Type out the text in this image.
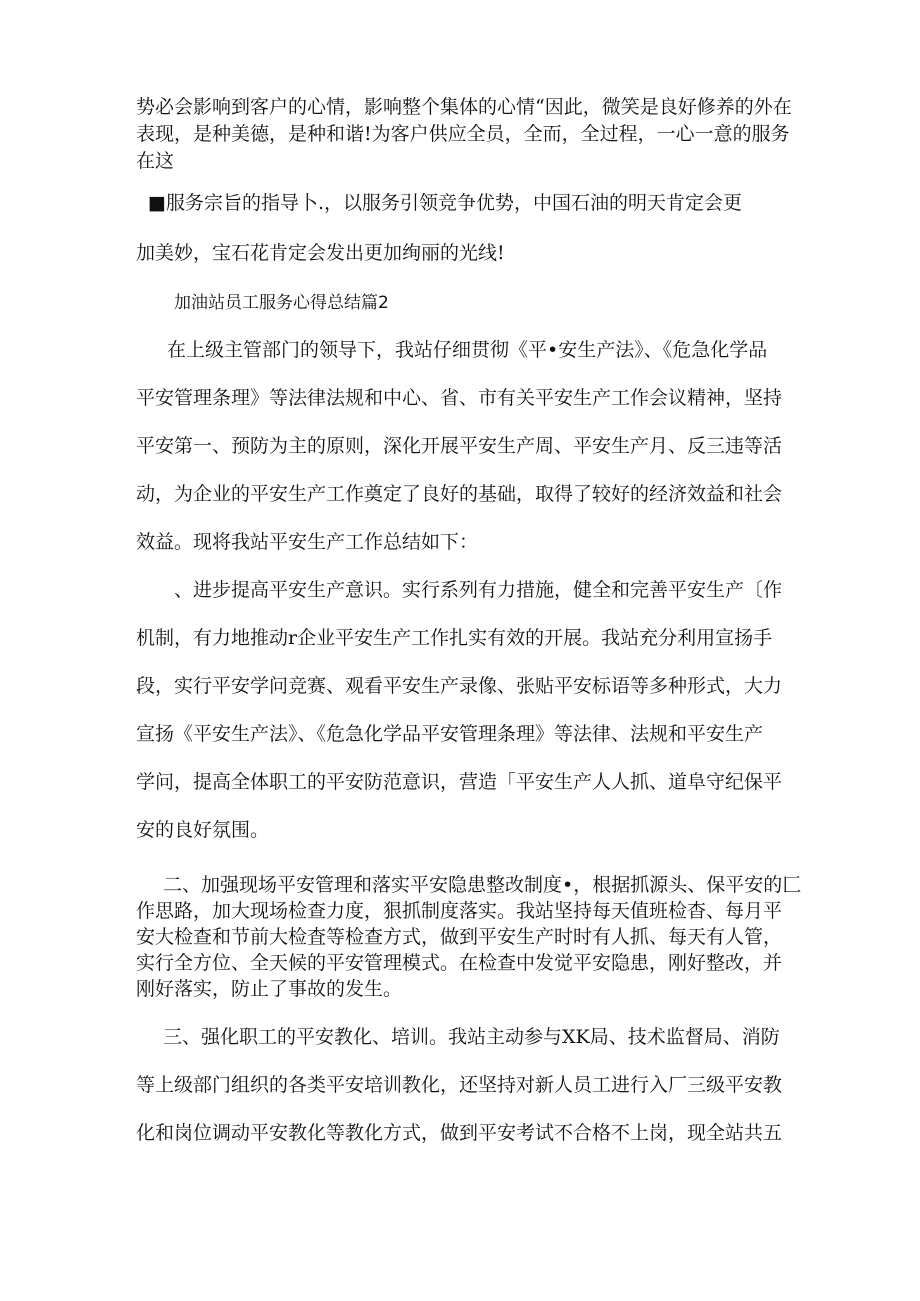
势必会影响到客户的心情，影响整个集体的心情“因此，微笑是良好修养的外在
表现，是种美德，是种和谐!为客户供应全员，全而，全过程，一心一意的服务
在这
■服务宗旨的指导卜.，以服务引领竞争优势，中国石油的明天肯定会更
加美妙，宝石花肯定会发出更加绚丽的光线!
加油站员工服务心得总结篇2
在上级主管部门的领导下，我站仔细贯彻《平•安生产法》、《危急化学品
平安管理条理》等法律法规和中心、省、市有关平安生产工作会议精神，坚持
平安第一、预防为主的原则，深化开展平安生产周、平安生产月、反三违等活
动，为企业的平安生产工作奠定了良好的基础，取得了较好的经济效益和社会
效益。现将我站平安生产工作总结如下：
、进步提高平安生产意识。实行系列有力措施，健全和完善平安生产〔作
机制，有力地推动r企业平安生产工作扎实有效的开展。我站充分利用宣扬手
段，实行平安学问竞赛、观看平安生产录像、张贴平安标语等多种形式，大力
宣扬《平安生产法》、《危急化学品平安管理条理》等法律、法规和平安生产
学问，提高全体职工的平安防范意识，营造「平安生产人人抓、道阜守纪保平
安的良好氛围。
二、加强现场平安管理和落实平安隐患整改制度•，根据抓源头、保平安的匚
作思路，加大现场检查力度，狠抓制度落实。我站坚持每天值班检杳、每月平
安大检查和节前大检査等检查方式，做到平安生产时时有人抓、每天有人管，
实行全方位、全天候的平安管理模式。在检查中发觉平安隐患，刚好整改，并
刚好落实，防止了事故的发生。
三、强化职工的平安教化、培训。我站主动参与XK局、技术监督局、消防
等上级部门组织的各类平安培训教化，还坚持对新人员工进行入厂三级平安教
化和岗位调动平安教化等教化方式，做到平安考试不合格不上岗，现全站共五
